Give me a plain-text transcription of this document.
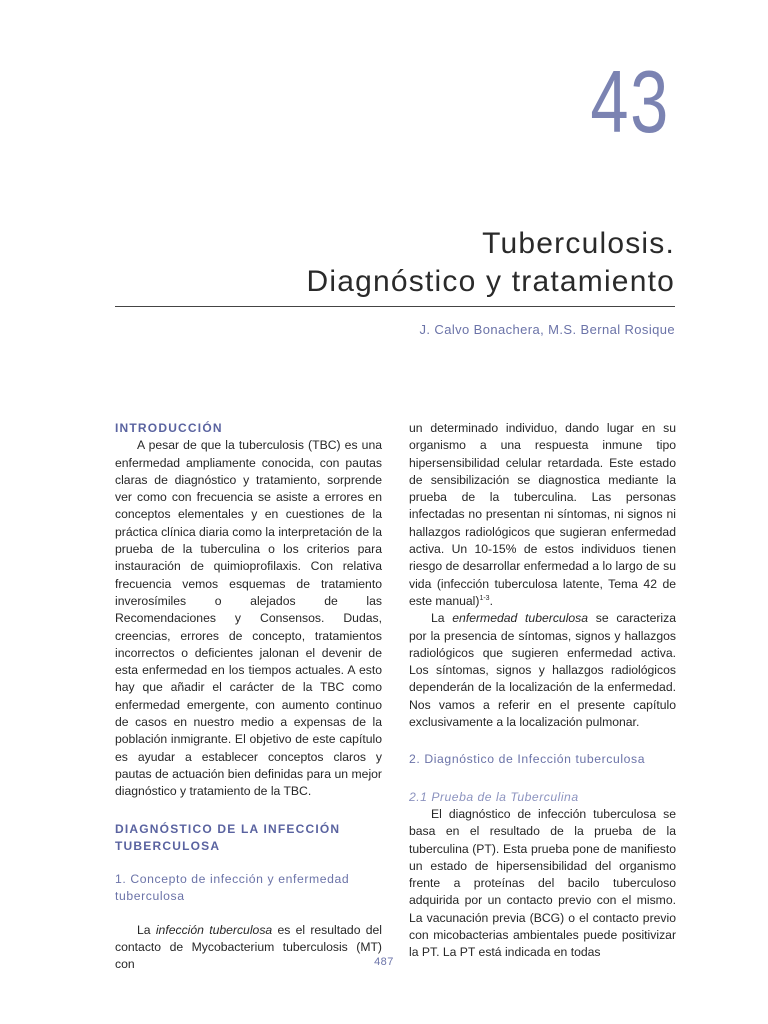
43
Tuberculosis.
Diagnóstico y tratamiento
J. Calvo Bonachera, M.S. Bernal Rosique

INTRODUCCIÓN

A pesar de que la tuberculosis (TBC) es una enfermedad ampliamente conocida, con pautas claras de diagnóstico y tratamiento, sorprende ver como con frecuencia se asiste a errores en conceptos elementales y en cuestiones de la práctica clínica diaria como la interpretación de la prueba de la tuberculina o los criterios para instauración de quimioprofilaxis. Con relativa frecuencia vemos esquemas de tratamiento inverosímiles o alejados de las Recomendaciones y Consensos. Dudas, creencias, errores de concepto, tratamientos incorrectos o deficientes jalonan el devenir de esta enfermedad en los tiempos actuales. A esto hay que añadir el carácter de la TBC como enfermedad emergente, con aumento continuo de casos en nuestro medio a expensas de la población inmigrante. El objetivo de este capítulo es ayudar a establecer conceptos claros y pautas de actuación bien definidas para un mejor diagnóstico y tratamiento de la TBC.

DIAGNÓSTICO DE LA INFECCIÓN
TUBERCULOSA

1. Concepto de infección y enfermedad tuberculosa

La infección tuberculosa es el resultado del contacto de Mycobacterium tuberculosis (MT) con

un determinado individuo, dando lugar en su organismo a una respuesta inmune tipo hipersensibilidad celular retardada. Este estado de sensibilización se diagnostica mediante la prueba de la tuberculina. Las personas infectadas no presentan ni síntomas, ni signos ni hallazgos radiológicos que sugieran enfermedad activa. Un 10-15% de estos individuos tienen riesgo de desarrollar enfermedad a lo largo de su vida (infección tuberculosa latente, Tema 42 de este manual)$^{1-3}$.

La enfermedad tuberculosa se caracteriza por la presencia de síntomas, signos y hallazgos radiológicos que sugieren enfermedad activa. Los síntomas, signos y hallazgos radiológicos dependerán de la localización de la enfermedad. Nos vamos a referir en el presente capítulo exclusivamente a la localización pulmonar.

2. Diagnóstico de Infección tuberculosa

2.1 Prueba de la Tuberculina

El diagnóstico de infección tuberculosa se basa en el resultado de la prueba de la tuberculina (PT). Esta prueba pone de manifiesto un estado de hipersensibilidad del organismo frente a proteínas del bacilo tuberculoso adquirida por un contacto previo con el mismo. La vacunación previa (BCG) o el contacto previo con micobacterias ambientales puede positivizar la PT. La PT está indicada en todas

487
